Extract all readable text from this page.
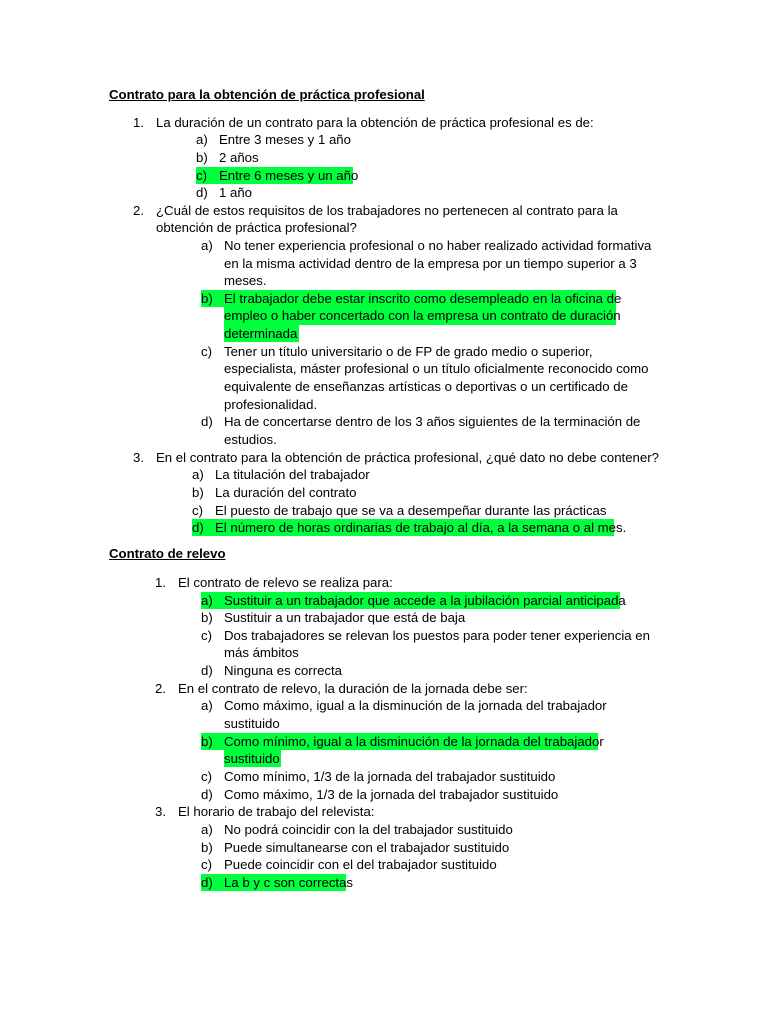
Contrato para la obtención de práctica profesional
1. La duración de un contrato para la obtención de práctica profesional es de:
a) Entre 3 meses y 1 año
b) 2 años
c) Entre 6 meses y un año
d) 1 año
2. ¿Cuál de estos requisitos de los trabajadores no pertenecen al contrato para la
obtención de práctica profesional?
a) No tener experiencia profesional o no haber realizado actividad formativa
en la misma actividad dentro de la empresa por un tiempo superior a 3
meses.
b) El trabajador debe estar inscrito como desempleado en la oficina de
empleo o haber concertado con la empresa un contrato de duración
determinada
c) Tener un título universitario o de FP de grado medio o superior,
especialista, máster profesional o un título oficialmente reconocido como
equivalente de enseñanzas artísticas o deportivas o un certificado de
profesionalidad.
d) Ha de concertarse dentro de los 3 años siguientes de la terminación de
estudios.
3. En el contrato para la obtención de práctica profesional, ¿qué dato no debe contener?
a) La titulación del trabajador
b) La duración del contrato
c) El puesto de trabajo que se va a desempeñar durante las prácticas
d) El número de horas ordinarias de trabajo al día, a la semana o al mes.
Contrato de relevo
1. El contrato de relevo se realiza para:
a) Sustituir a un trabajador que accede a la jubilación parcial anticipada
b) Sustituir a un trabajador que está de baja
c) Dos trabajadores se relevan los puestos para poder tener experiencia en
más ámbitos
d) Ninguna es correcta
2. En el contrato de relevo, la duración de la jornada debe ser:
a) Como máximo, igual a la disminución de la jornada del trabajador
sustituido
b) Como mínimo, igual a la disminución de la jornada del trabajador
sustituido
c) Como mínimo, 1/3 de la jornada del trabajador sustituido
d) Como máximo, 1/3 de la jornada del trabajador sustituido
3. El horario de trabajo del relevista:
a) No podrá coincidir con la del trabajador sustituido
b) Puede simultanearse con el trabajador sustituido
c) Puede coincidir con el del trabajador sustituido
d) La b y c son correctas
